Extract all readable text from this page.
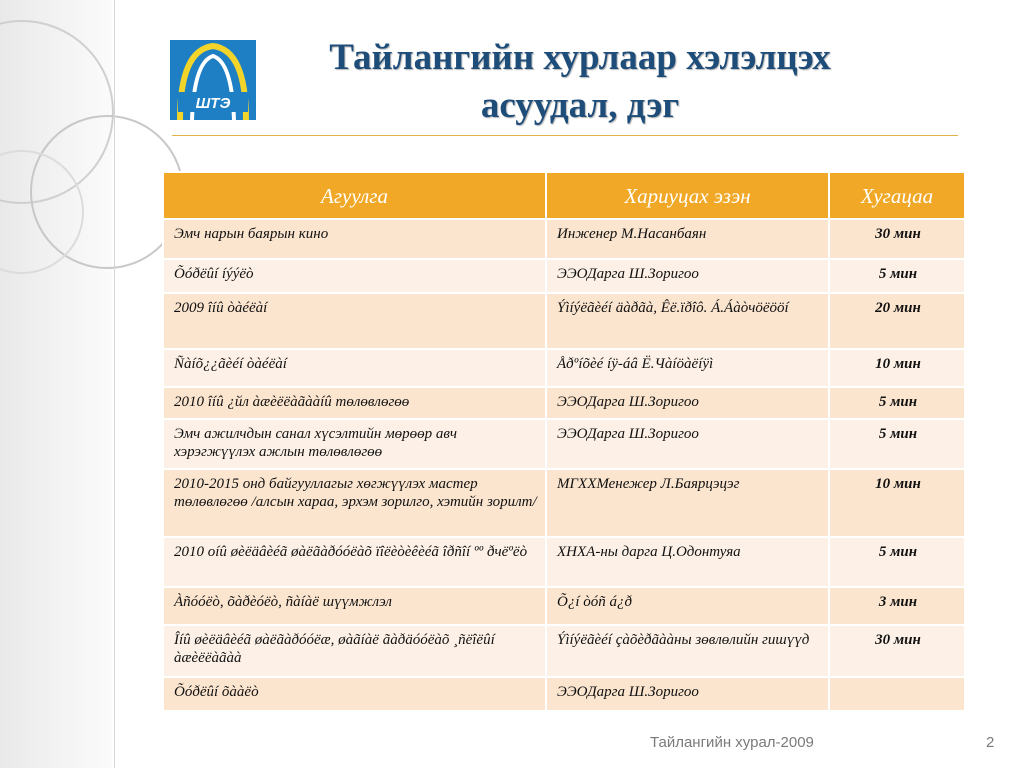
ШТЭ
Тайлангийн хурлаар хэлэлцэх
асуудал, дэг
Агуулга	Хариуцах эзэн	Хугацаа
Эмч нарын баярын кино	Инженер М.Насанбаян	30 мин
Õóðëûí íýýëò	ЭЭОДарга Ш.Зоригоо	5 мин
2009 îíû òàéëàí	Ýìíýëãèéí äàðãà, Êë.ïðîô. Á.Áàòчöëööí	20 мин
Ñàíõ¿¿ãèéí òàéëàí	Åðºíõèé íÿ-áâ Ё.Чàíöàëíÿì	10 мин
2010 îíû ¿йл àæèëëàãààíû төлөвлөгөө	ЭЭОДарга Ш.Зоригоо	5 мин
Эмч ажилчдын санал хүсэлтийн мөрөөр авч хэрэгжүүлэх ажлын төлөвлөгөө	ЭЭОДарга Ш.Зоригоо	5 мин
2010-2015 онд байгууллагыг хөгжүүлэх мастер төлөвлөгөө /алсын хараа, эрхэм зорилго, хэтийн зорилт/	МГХХМенежер Л.Баярцэцэг	10 мин
2010 оíû øèëäâèéã øàëãàðóóëàõ ïîëèòèêèéã îðñîí ºº ðчёºëò	ХНХА-ны дарга Ц.Одонтуяа	5 мин
Àñóóëò, õàðèóëò, ñàíàë шүүмжлэл	Õ¿í òóñ á¿ð	3 мин
Îíû øèëäâèéã øàëãàðóóëæ, øàãíàë ãàðäóóëàõ ¸ñëîëûí àæèëëàãàà	Ýìíýëãèéí çàõèðãààны зөвлөлийн гишүүд	30 мин
Õóðëûí õààëò	ЭЭОДарга Ш.Зоригоо	
Тайлангийн хурал-2009	2
